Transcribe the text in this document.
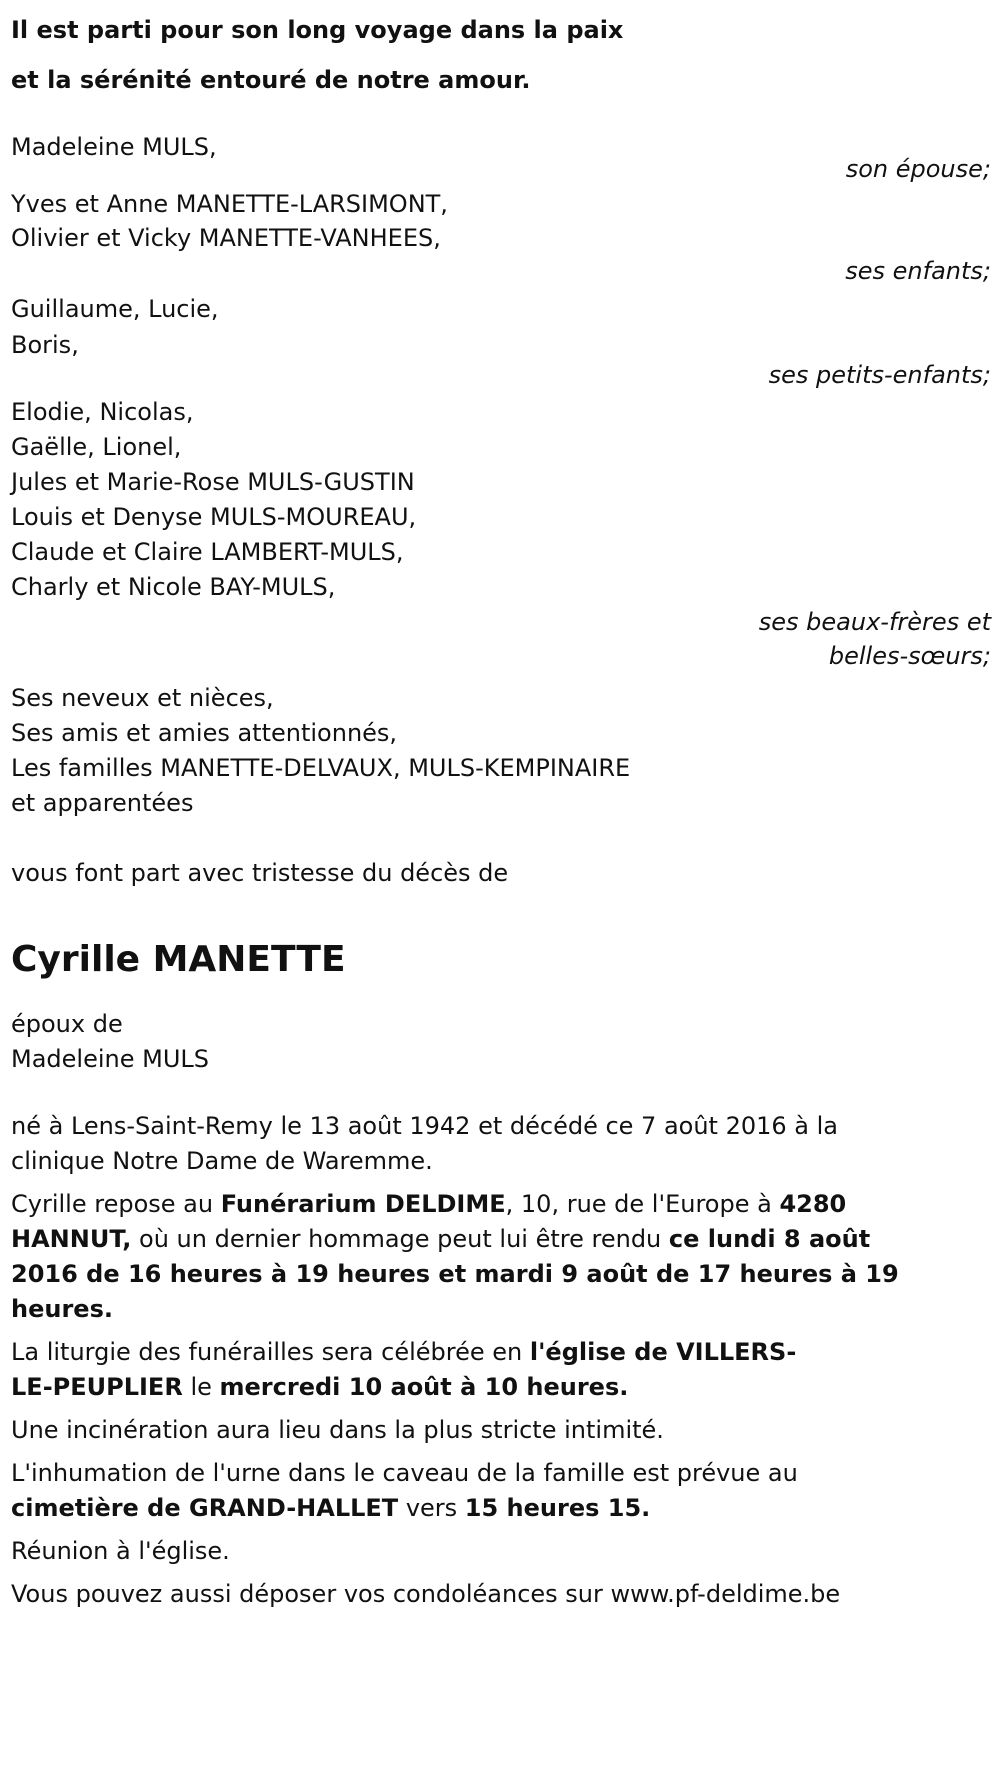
Il est parti pour son long voyage dans la paix
et la sérénité entouré de notre amour.
Madeleine MULS,
son épouse;
Yves et Anne MANETTE-LARSIMONT,
Olivier et Vicky MANETTE-VANHEES,
ses enfants;
Guillaume, Lucie,
Boris,
ses petits-enfants;
Elodie, Nicolas,
Gaëlle, Lionel,
Jules et Marie-Rose MULS-GUSTIN
Louis et Denyse MULS-MOUREAU,
Claude et Claire LAMBERT-MULS,
Charly et Nicole BAY-MULS,
ses beaux-frères et
belles-sœurs;
Ses neveux et nièces,
Ses amis et amies attentionnés,
Les familles MANETTE-DELVAUX, MULS-KEMPINAIRE
et apparentées
vous font part avec tristesse du décès de
Cyrille MANETTE
époux de
Madeleine MULS
né à Lens-Saint-Remy le 13 août 1942 et décédé ce 7 août 2016 à la
clinique Notre Dame de Waremme.
Cyrille repose au Funérarium DELDIME, 10, rue de l'Europe à 4280
HANNUT, où un dernier hommage peut lui être rendu ce lundi 8 août
2016 de 16 heures à 19 heures et mardi 9 août de 17 heures à 19
heures.
La liturgie des funérailles sera célébrée en l'église de VILLERS-
LE-PEUPLIER le mercredi 10 août à 10 heures.
Une incinération aura lieu dans la plus stricte intimité.
L'inhumation de l'urne dans le caveau de la famille est prévue au
cimetière de GRAND-HALLET vers 15 heures 15.
Réunion à l'église.
Vous pouvez aussi déposer vos condoléances sur www.pf-deldime.be
